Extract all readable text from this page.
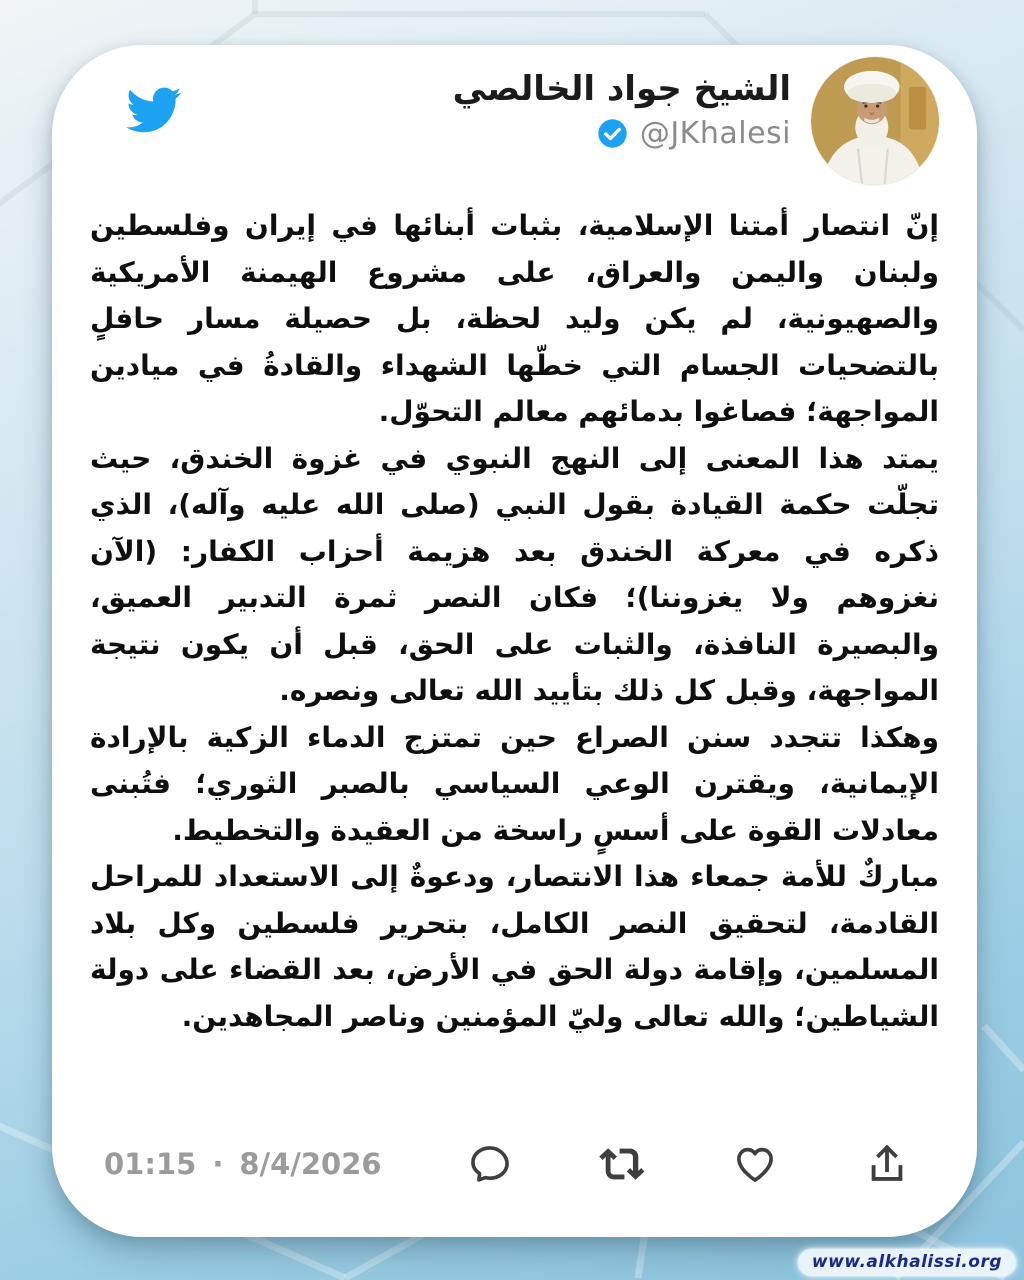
الشيخ جواد الخالصي
@JKhalesi

إنّ انتصار أمتنا الإسلامية، بثبات أبنائها في إيران وفلسطين ولبنان واليمن والعراق، على مشروع الهيمنة الأمريكية والصهيونية، لم يكن وليد لحظة، بل حصيلة مسار حافلٍ بالتضحيات الجسام التي خطّها الشهداء والقادةُ في ميادين المواجهة؛ فصاغوا بدمائهم معالم التحوّل.

يمتد هذا المعنى إلى النهج النبوي في غزوة الخندق، حيث تجلّت حكمة القيادة بقول النبي (صلى الله عليه وآله)، الذي ذكره في معركة الخندق بعد هزيمة أحزاب الكفار: (الآن نغزوهم ولا يغزوننا)؛ فكان النصر ثمرة التدبير العميق، والبصيرة النافذة، والثبات على الحق، قبل أن يكون نتيجة المواجهة، وقبل كل ذلك بتأييد الله تعالى ونصره.

وهكذا تتجدد سنن الصراع حين تمتزج الدماء الزكية بالإرادة الإيمانية، ويقترن الوعي السياسي بالصبر الثوري؛ فتُبنى معادلات القوة على أسسٍ راسخة من العقيدة والتخطيط.

مباركٌ للأمة جمعاء هذا الانتصار، ودعوةٌ إلى الاستعداد للمراحل القادمة، لتحقيق النصر الكامل، بتحرير فلسطين وكل بلاد المسلمين، وإقامة دولة الحق في الأرض، بعد القضاء على دولة الشياطين؛ والله تعالى وليّ المؤمنين وناصر المجاهدين.

01:15 · 8/4/2026
www.alkhalissi.org
